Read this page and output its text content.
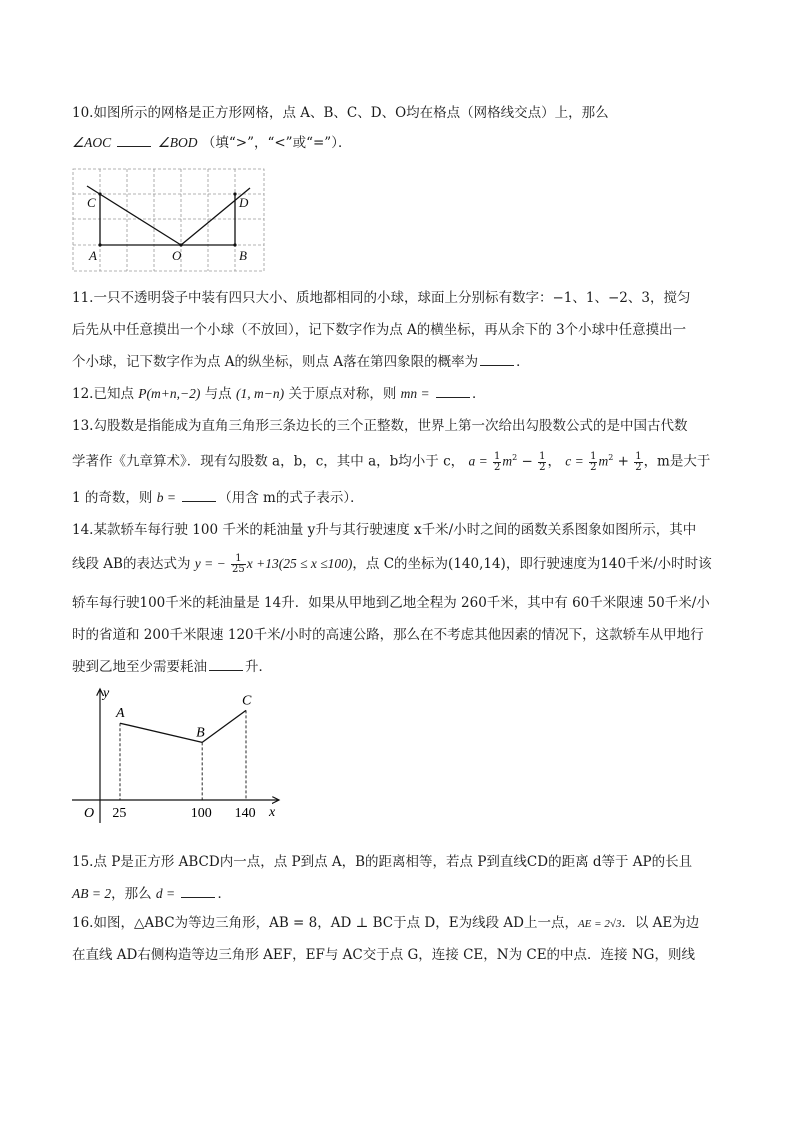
10.如图所示的网格是正方形网格，点 A、B、C、D、O均在格点（网格线交点）上，那么
∠AOC	∠BOD （填“>”，“<”或“=”）．
C	D
A	O	B
11.一只不透明袋子中装有四只大小、质地都相同的小球，球面上分别标有数字：−1、1、−2、3，搅匀
后先从中任意摸出一个小球（不放回），记下数字作为点 A的横坐标，再从余下的 3个小球中任意摸出一
个小球，记下数字作为点 A的纵坐标，则点 A落在第四象限的概率为	．
12.已知点 P(m+n,−2) 与点 (1, m−n) 关于原点对称，则 mn =	．
13.勾股数是指能成为直角三角形三条边长的三个正整数，世界上第一次给出勾股数公式的是中国古代数
学著作《九章算术》．现有勾股数 a，b，c，其中 a，b均小于 c， $a = \frac{1}{2} m^2 - \frac{1}{2}$ ， $c = \frac{1}{2} m^2 + \frac{1}{2}$ ，m是大于
1 的奇数，则 b =	（用含 m的式子表示）．
14.某款轿车每行驶 100 千米的耗油量 y升与其行驶速度 x千米/小时之间的函数关系图象如图所示，其中
线段 AB的表达式为 y = − $\frac{1}{25}$ x +13(25 ≤ x ≤100)，点 C的坐标为(140,14)，即行驶速度为140千米/小时时该
轿车每行驶100千米的耗油量是 14升．如果从甲地到乙地全程为 260千米，其中有 60千米限速 50千米/小
时的省道和 200千米限速 120千米/小时的高速公路，那么在不考虑其他因素的情况下，这款轿车从甲地行
驶到乙地至少需要耗油	升．
y
x
O
A
B
C
25	100 140
15.点 P是正方形 ABCD内一点，点 P到点 A，B的距离相等，若点 P到直线CD的距离 d等于 AP的长且
AB = 2，那么 d =	．
16.如图，△ABC为等边三角形，AB = 8，AD ⊥ BC于点 D，E为线段 AD上一点，AE = 2√3．以 AE为边
在直线 AD右侧构造等边三角形 AEF，EF与 AC交于点 G，连接 CE，N为 CE的中点．连接 NG，则线
